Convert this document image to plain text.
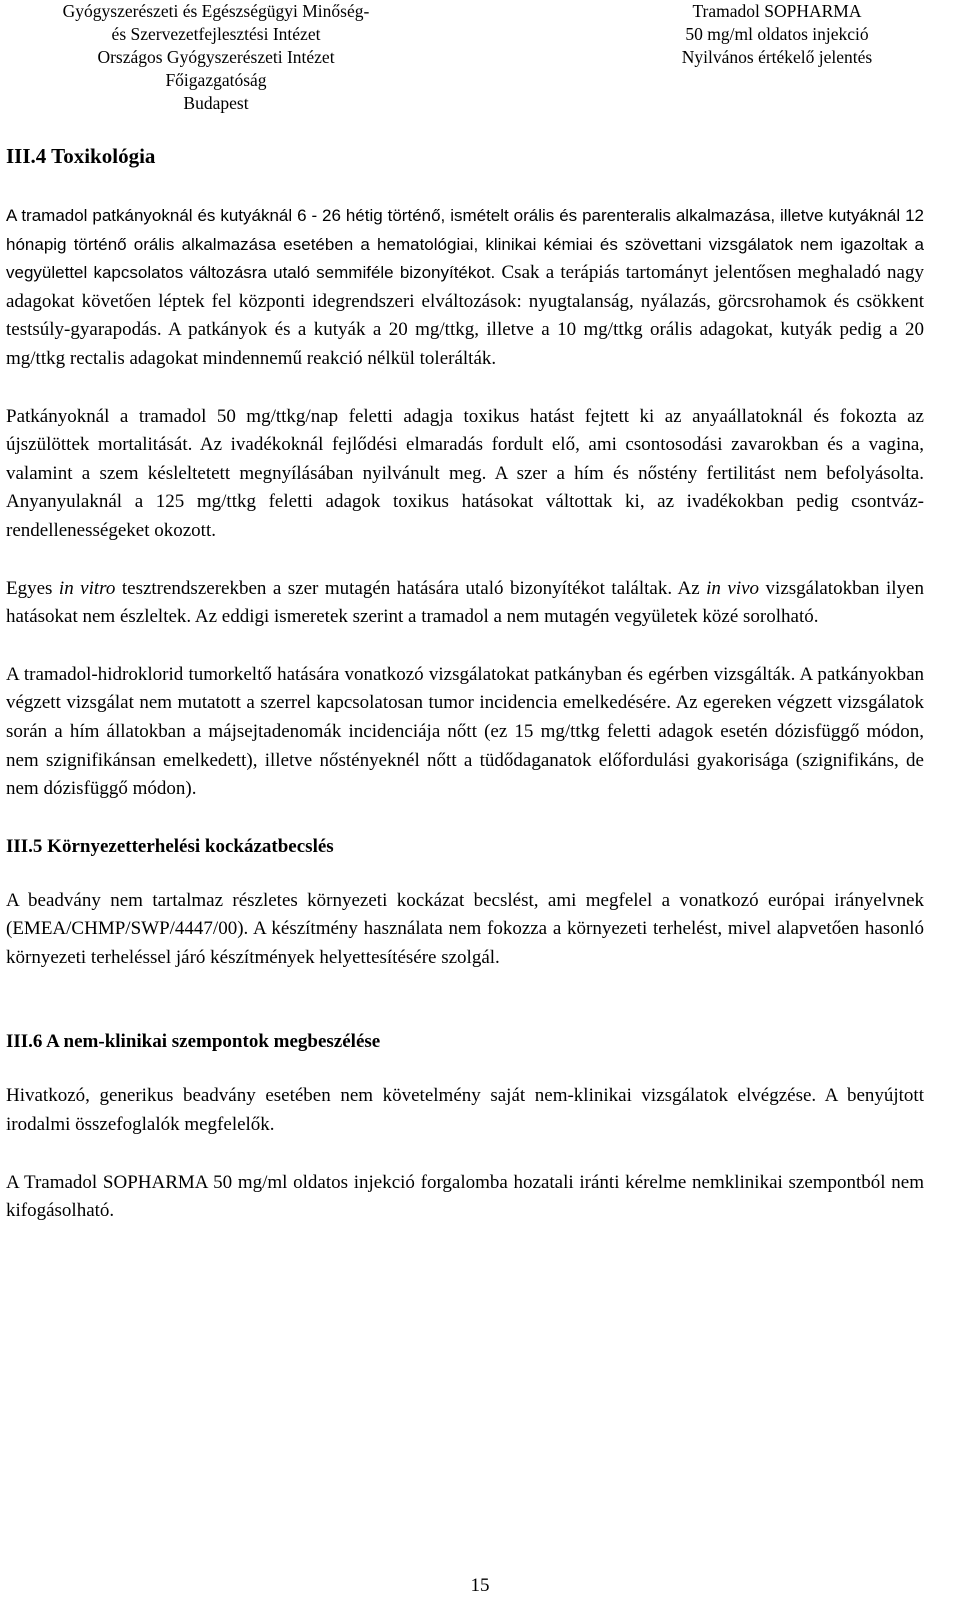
Gyógyszerészeti és Egészségügyi Minőség-
és Szervezetfejlesztési Intézet
Országos Gyógyszerészeti Intézet
Főigazgatóság
Budapest
Tramadol SOPHARMA
50 mg/ml oldatos injekció
Nyilvános értékelő jelentés
III.4 Toxikológia

A tramadol patkányoknál és kutyáknál 6 - 26 hétig történő, ismételt orális és parenteralis alkalmazása, illetve kutyáknál 12 hónapig történő orális alkalmazása esetében a hematológiai, klinikai kémiai és szövettani vizsgálatok nem igazoltak a vegyülettel kapcsolatos változásra utaló semmiféle bizonyítékot. Csak a terápiás tartományt jelentősen meghaladó nagy adagokat követően léptek fel központi idegrendszeri elváltozások: nyugtalanság, nyálazás, görcsrohamok és csökkent testsúly-gyarapodás. A patkányok és a kutyák a 20 mg/ttkg, illetve a 10 mg/ttkg orális adagokat, kutyák pedig a 20 mg/ttkg rectalis adagokat mindennemű reakció nélkül tolerálták.

Patkányoknál a tramadol 50 mg/ttkg/nap feletti adagja toxikus hatást fejtett ki az anyaállatoknál és fokozta az újszülöttek mortalitását. Az ivadékoknál fejlődési elmaradás fordult elő, ami csontosodási zavarokban és a vagina, valamint a szem késleltetett megnyílásában nyilvánult meg. A szer a hím és nőstény fertilitást nem befolyásolta. Anyanyulaknál a 125 mg/ttkg feletti adagok toxikus hatásokat váltottak ki, az ivadékokban pedig csontváz-rendellenességeket okozott.

Egyes in vitro tesztrendszerekben a szer mutagén hatására utaló bizonyítékot találtak. Az in vivo vizsgálatokban ilyen hatásokat nem észleltek. Az eddigi ismeretek szerint a tramadol a nem mutagén vegyületek közé sorolható.

A tramadol-hidroklorid tumorkeltő hatására vonatkozó vizsgálatokat patkányban és egérben vizsgálták. A patkányokban végzett vizsgálat nem mutatott a szerrel kapcsolatosan tumor incidencia emelkedésére. Az egereken végzett vizsgálatok során a hím állatokban a májsejtadenomák incidenciája nőtt (ez 15 mg/ttkg feletti adagok esetén dózisfüggő módon, nem szignifikánsan emelkedett), illetve nőstényeknél nőtt a tüdődaganatok előfordulási gyakorisága (szignifikáns, de nem dózisfüggő módon).

III.5 Környezetterhelési kockázatbecslés

A beadvány nem tartalmaz részletes környezeti kockázat becslést, ami megfelel a vonatkozó európai irányelvnek (EMEA/CHMP/SWP/4447/00). A készítmény használata nem fokozza a környezeti terhelést, mivel alapvetően hasonló környezeti terheléssel járó készítmények helyettesítésére szolgál.

III.6 A nem-klinikai szempontok megbeszélése

Hivatkozó, generikus beadvány esetében nem követelmény saját nem-klinikai vizsgálatok elvégzése. A benyújtott irodalmi összefoglalók megfelelők.

A Tramadol SOPHARMA 50 mg/ml oldatos injekció forgalomba hozatali iránti kérelme nemklinikai szempontból nem kifogásolható.

15
